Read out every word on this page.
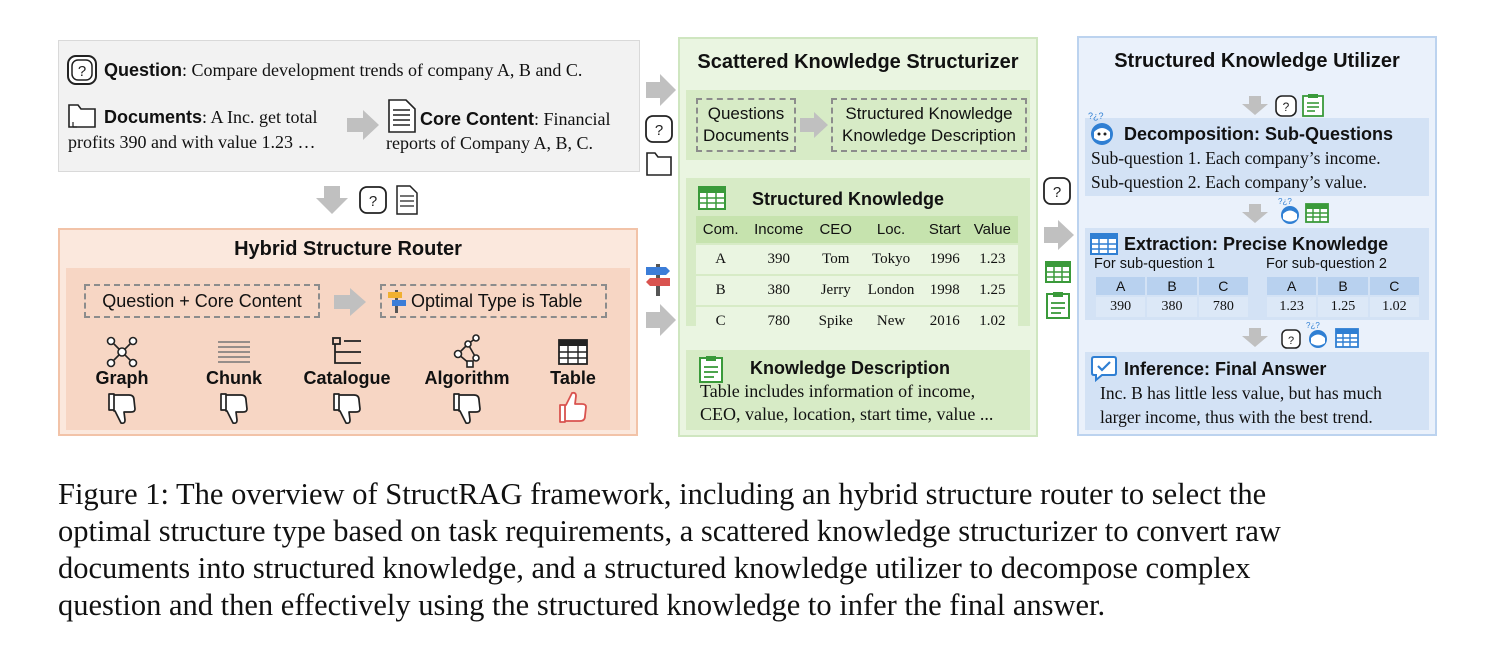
? Question: Compare development trends of company A, B and C.
Documents: A Inc. get total
profits 390 and with value 1.23 …
Core Content: Financial
reports of Company A, B, C.
?
Hybrid Structure Router
Question + Core Content	Optimal Type is Table
Graph	Chunk	Catalogue	Algorithm	Table
?
Scattered Knowledge Structurizer
Questions
Documents
Structured Knowledge
Knowledge Description
Structured Knowledge
Com.	Income	CEO	Loc.	Start	Value
A	390	Tom	Tokyo	1996	1.23
B	380	Jerry	London	1998	1.25
C	780	Spike	New	2016	1.02
Knowledge Description
Table includes information of income,
CEO, value, location, start time, value ...
?
Structured Knowledge Utilizer
?
?¿?
Decomposition: Sub-Questions
Sub-question 1. Each company’s income.
Sub-question 2. Each company’s value.
?¿?
Extraction: Precise Knowledge
For sub-question 1	For sub-question 2
A	B	C
390	380	780
A	B	C
1.23	1.25	1.02
?
?¿?
Inference: Final Answer
Inc. B has little less value, but has much
larger income, thus with the best trend.
Figure 1: The overview of StructRAG framework, including an hybrid structure router to select the
optimal structure type based on task requirements, a scattered knowledge structurizer to convert raw
documents into structured knowledge, and a structured knowledge utilizer to decompose complex
question and then effectively using the structured knowledge to infer the final answer.
